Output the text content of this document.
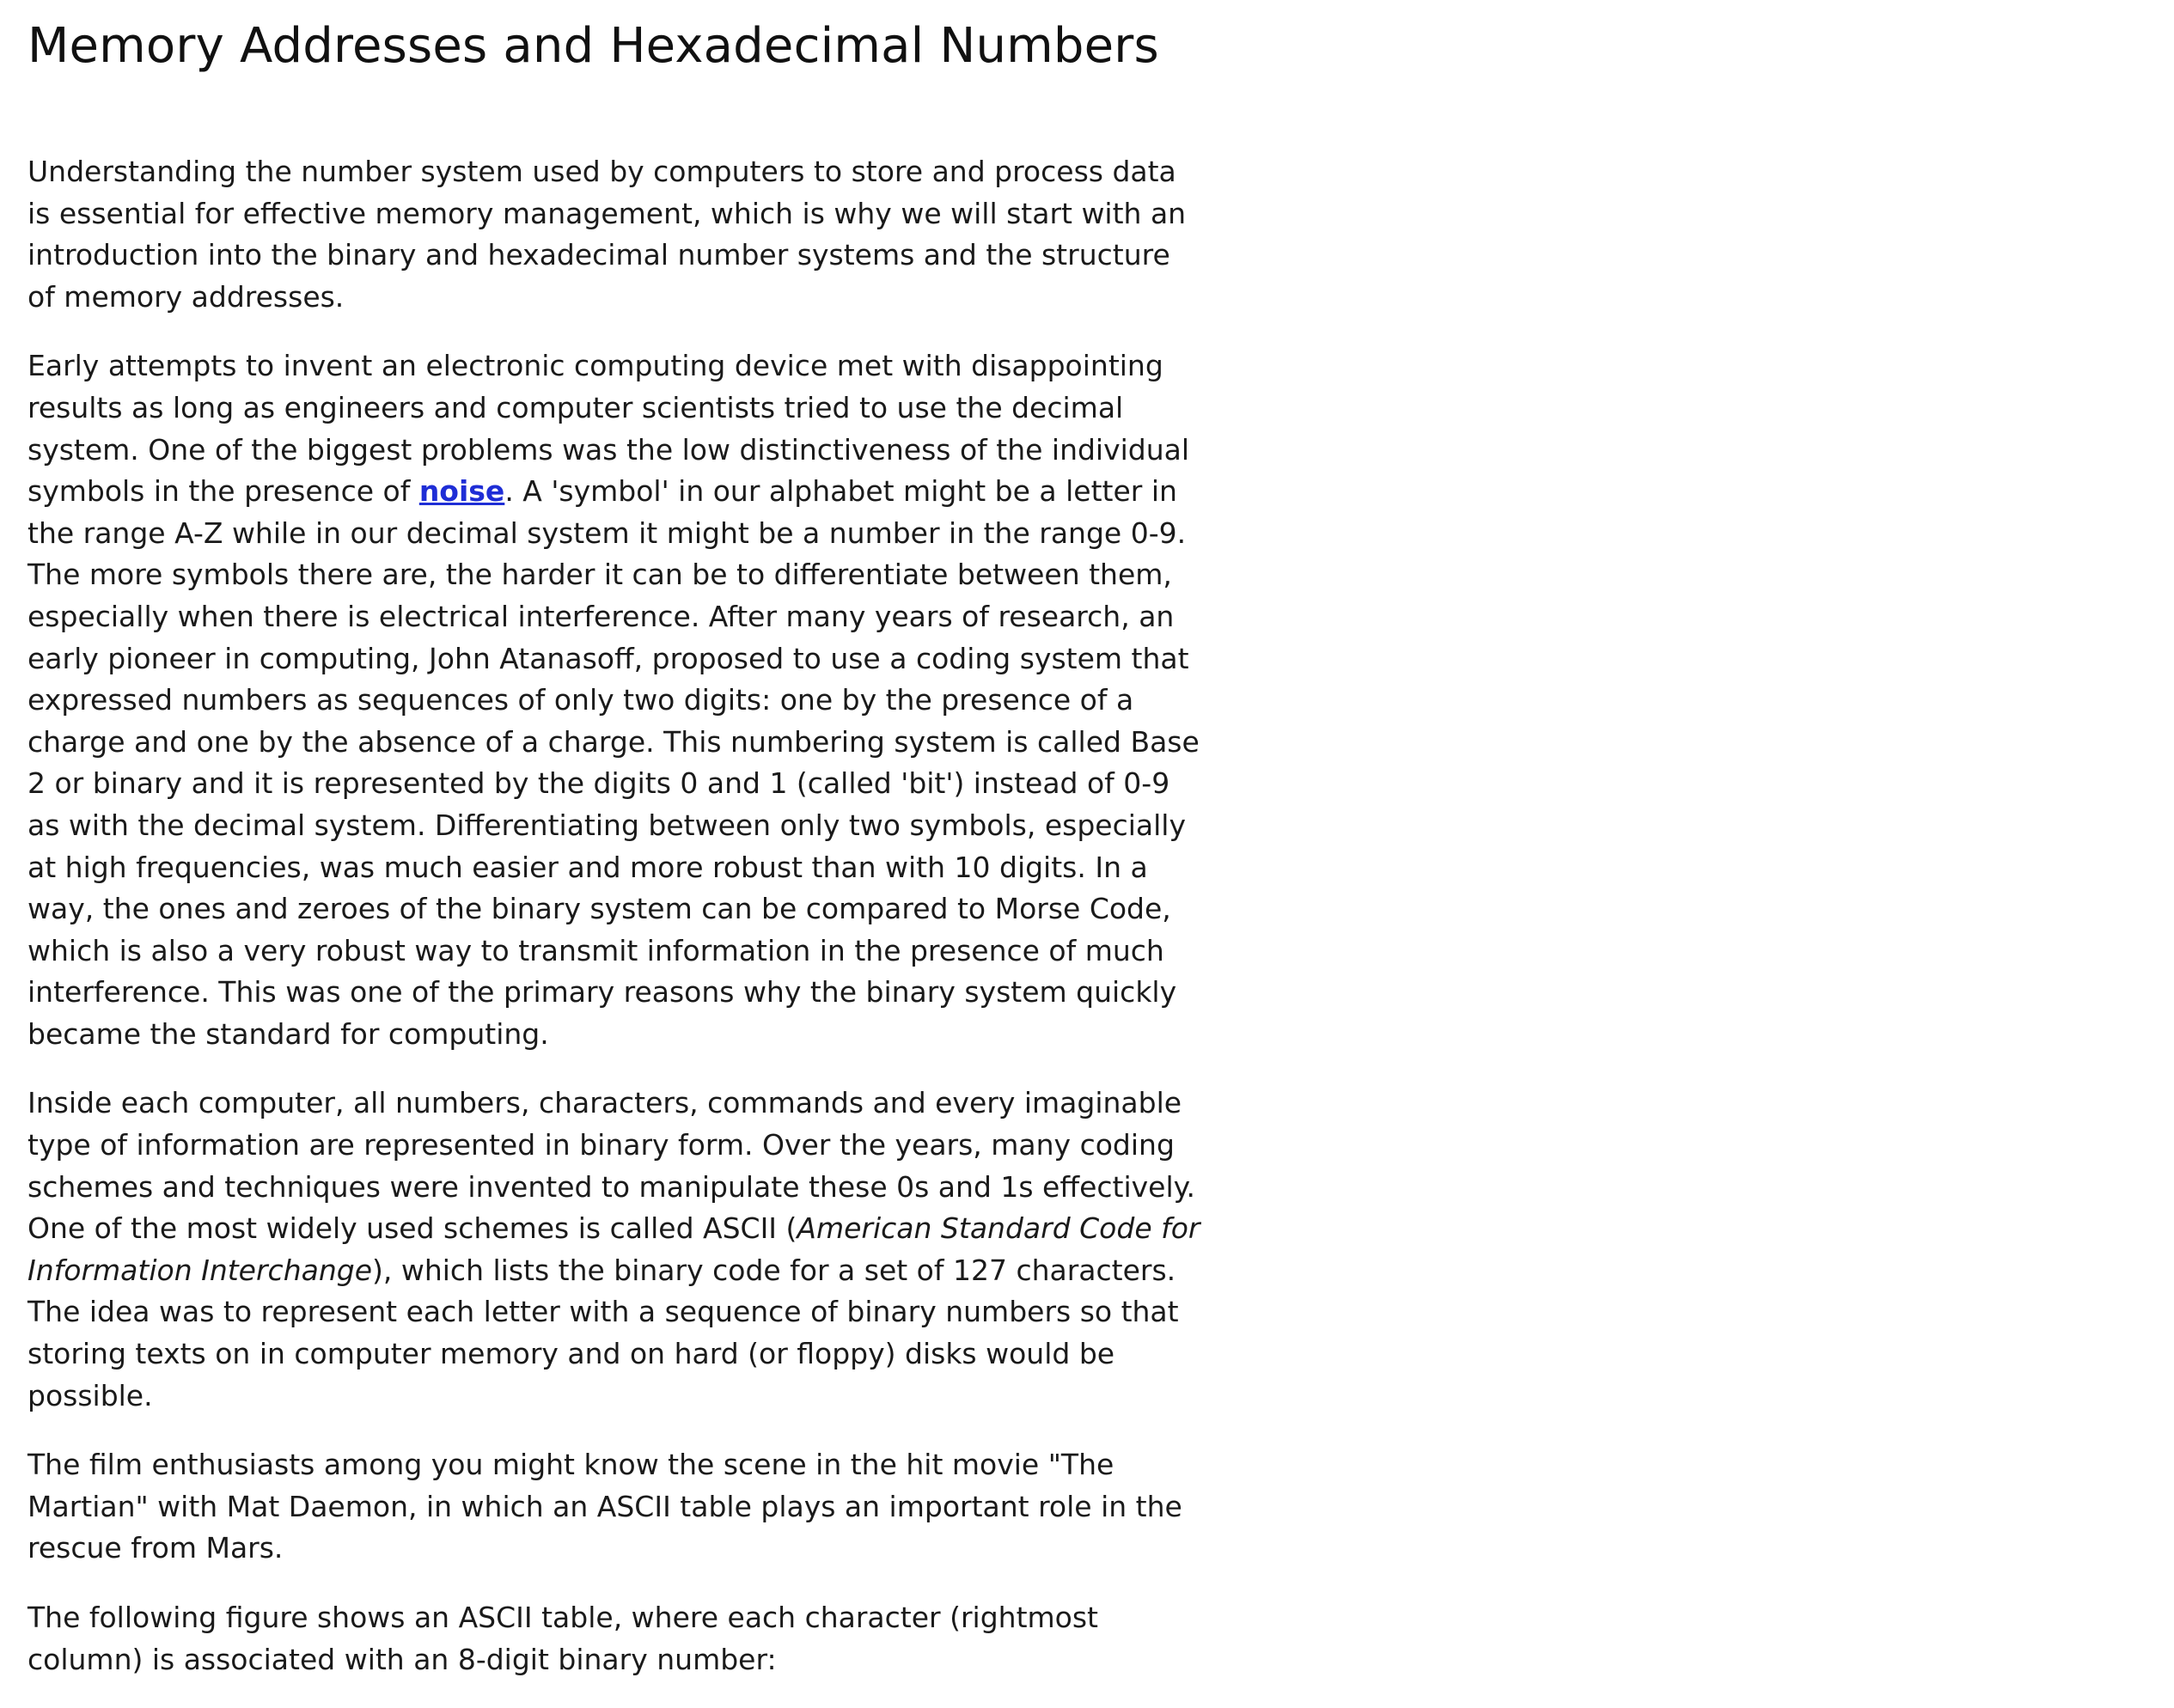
Memory Addresses and Hexadecimal Numbers

Understanding the number system used by computers to store and process data is essential for effective memory management, which is why we will start with an introduction into the binary and hexadecimal number systems and the structure of memory addresses.

Early attempts to invent an electronic computing device met with disappointing results as long as engineers and computer scientists tried to use the decimal system. One of the biggest problems was the low distinctiveness of the individual symbols in the presence of noise. A 'symbol' in our alphabet might be a letter in the range A-Z while in our decimal system it might be a number in the range 0-9. The more symbols there are, the harder it can be to differentiate between them, especially when there is electrical interference. After many years of research, an early pioneer in computing, John Atanasoff, proposed to use a coding system that expressed numbers as sequences of only two digits: one by the presence of a charge and one by the absence of a charge. This numbering system is called Base 2 or binary and it is represented by the digits 0 and 1 (called 'bit') instead of 0-9 as with the decimal system. Differentiating between only two symbols, especially at high frequencies, was much easier and more robust than with 10 digits. In a way, the ones and zeroes of the binary system can be compared to Morse Code, which is also a very robust way to transmit information in the presence of much interference. This was one of the primary reasons why the binary system quickly became the standard for computing.

Inside each computer, all numbers, characters, commands and every imaginable type of information are represented in binary form. Over the years, many coding schemes and techniques were invented to manipulate these 0s and 1s effectively. One of the most widely used schemes is called ASCII (American Standard Code for Information Interchange), which lists the binary code for a set of 127 characters. The idea was to represent each letter with a sequence of binary numbers so that storing texts on in computer memory and on hard (or floppy) disks would be possible.

The film enthusiasts among you might know the scene in the hit movie "The Martian" with Mat Daemon, in which an ASCII table plays an important role in the rescue from Mars.

The following figure shows an ASCII table, where each character (rightmost column) is associated with an 8-digit binary number:
